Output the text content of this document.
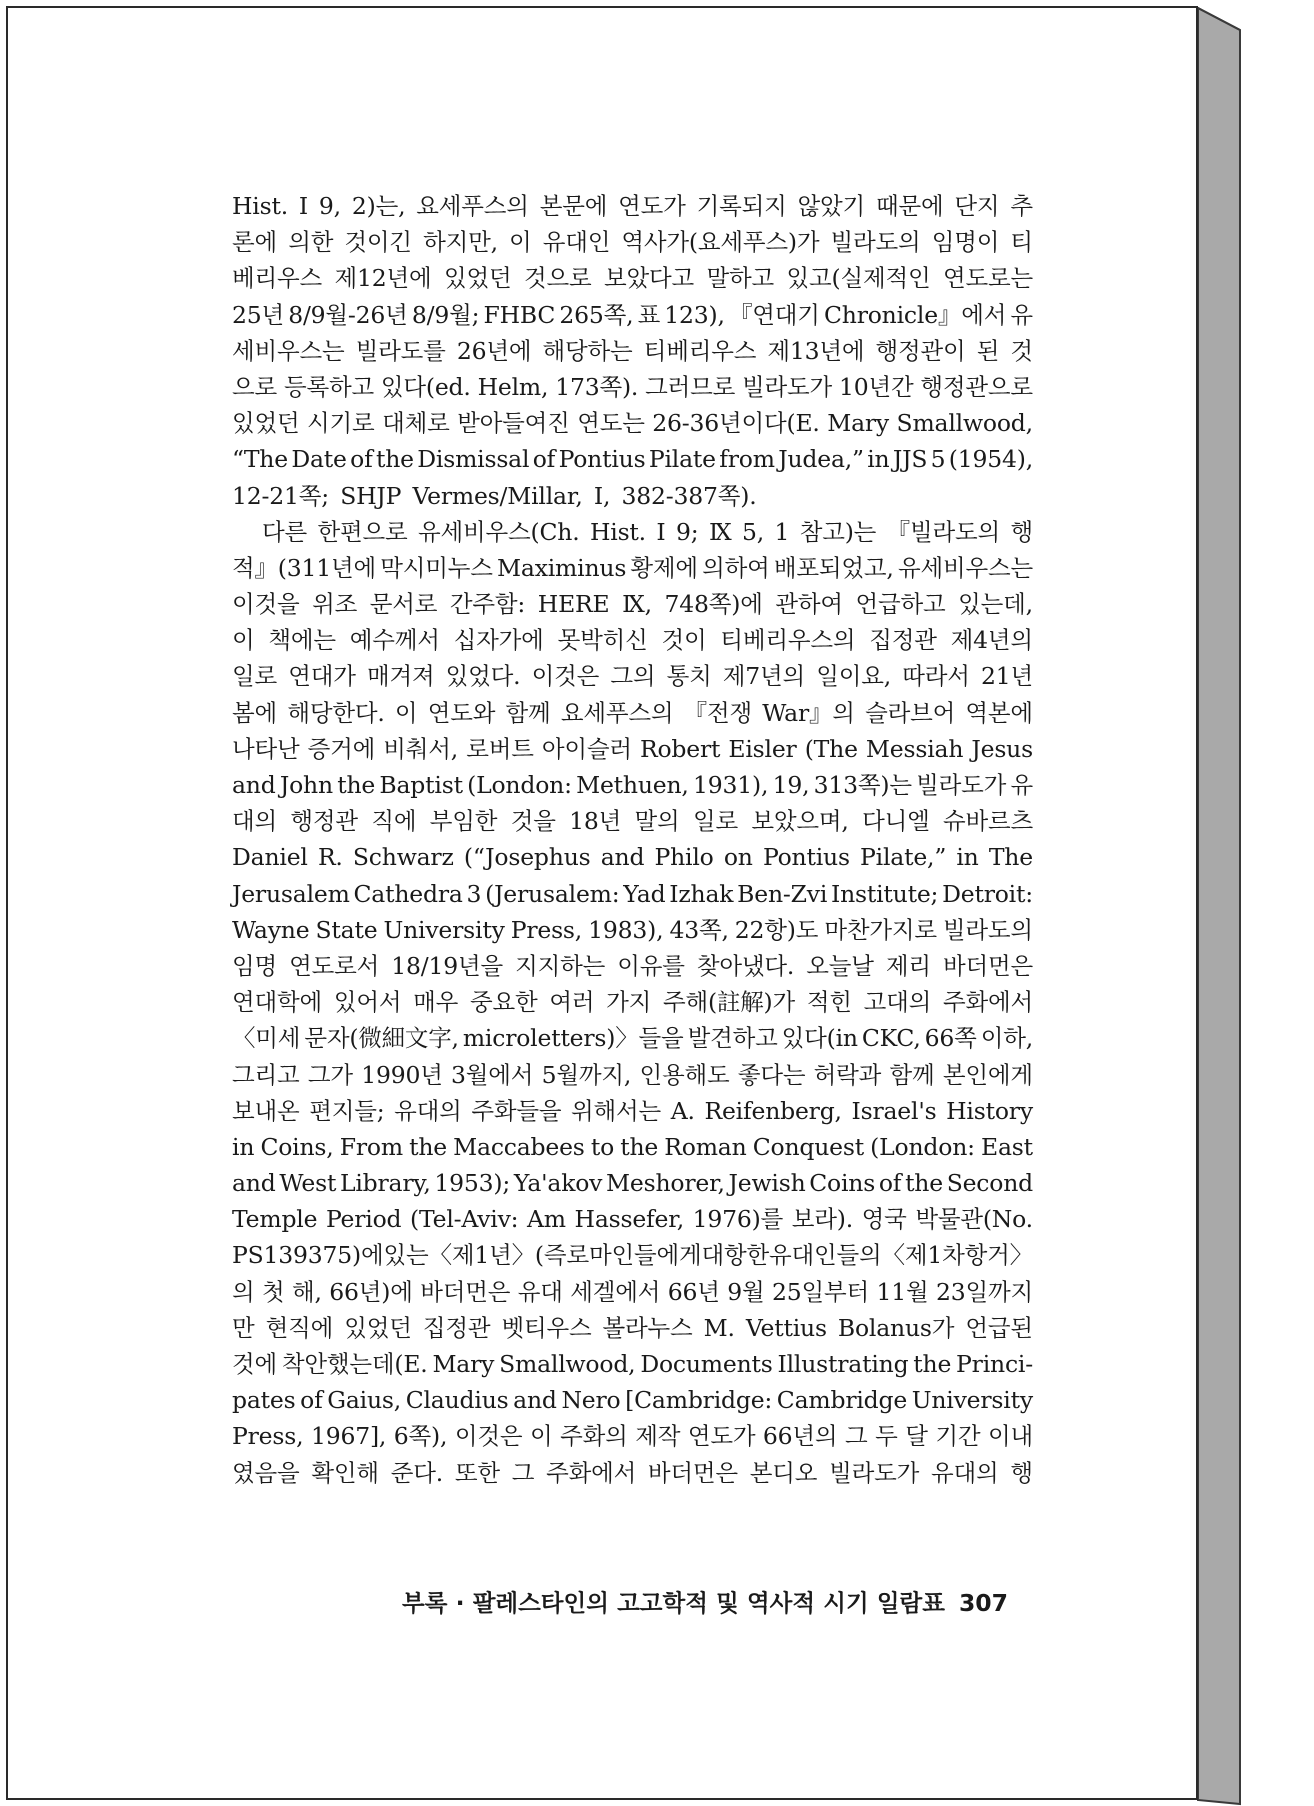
Hist. Ⅰ 9, 2)는, 요세푸스의 본문에 연도가 기록되지 않았기 때문에 단지 추
론에 의한 것이긴 하지만, 이 유대인 역사가(요세푸스)가 빌라도의 임명이 티
베리우스 제12년에 있었던 것으로 보았다고 말하고 있고(실제적인 연도로는
25년 8/9월-26년 8/9월; FHBC 265쪽, 표 123), 『연대기 Chronicle』에서 유
세비우스는 빌라도를 26년에 해당하는 티베리우스 제13년에 행정관이 된 것
으로 등록하고 있다(ed. Helm, 173쪽). 그러므로 빌라도가 10년간 행정관으로
있었던 시기로 대체로 받아들여진 연도는 26-36년이다(E. Mary Smallwood,
“The Date of the Dismissal of Pontius Pilate from Judea,” in JJS 5 (1954),
12-21쪽; SHJP Vermes/Millar, Ⅰ, 382-387쪽).
다른 한편으로 유세비우스(Ch. Hist. Ⅰ 9; Ⅸ 5, 1 참고)는 『빌라도의 행
적』(311년에 막시미누스 Maximinus 황제에 의하여 배포되었고, 유세비우스는
이것을 위조 문서로 간주함: HERE Ⅸ, 748쪽)에 관하여 언급하고 있는데,
이 책에는 예수께서 십자가에 못박히신 것이 티베리우스의 집정관 제4년의
일로 연대가 매겨져 있었다. 이것은 그의 통치 제7년의 일이요, 따라서 21년
봄에 해당한다. 이 연도와 함께 요세푸스의 『전쟁 War』의 슬라브어 역본에
나타난 증거에 비춰서, 로버트 아이슬러 Robert Eisler (The Messiah Jesus
and John the Baptist (London: Methuen, 1931), 19, 313쪽)는 빌라도가 유
대의 행정관 직에 부임한 것을 18년 말의 일로 보았으며, 다니엘 슈바르츠
Daniel R. Schwarz (“Josephus and Philo on Pontius Pilate,” in The
Jerusalem Cathedra 3 (Jerusalem: Yad Izhak Ben-Zvi Institute; Detroit:
Wayne State University Press, 1983), 43쪽, 22항)도 마찬가지로 빌라도의
임명 연도로서 18/19년을 지지하는 이유를 찾아냈다. 오늘날 제리 바더먼은
연대학에 있어서 매우 중요한 여러 가지 주해(註解)가 적힌 고대의 주화에서
〈미세 문자(微細文字, microletters)〉들을 발견하고 있다(in CKC, 66쪽 이하,
그리고 그가 1990년 3월에서 5월까지, 인용해도 좋다는 허락과 함께 본인에게
보내온 편지들; 유대의 주화들을 위해서는 A. Reifenberg, Israel's History
in Coins, From the Maccabees to the Roman Conquest (London: East
and West Library, 1953); Ya'akov Meshorer, Jewish Coins of the Second
Temple Period (Tel-Aviv: Am Hassefer, 1976)를 보라). 영국 박물관(No.
PS139375)에 있는 〈제1년〉(즉 로마인들에게 대항한 유대인들의 〈제1차 항거〉
의 첫 해, 66년)에 바더먼은 유대 세겔에서 66년 9월 25일부터 11월 23일까지
만 현직에 있었던 집정관 벳티우스 볼라누스 M. Vettius Bolanus가 언급된
것에 착안했는데(E. Mary Smallwood, Documents Illustrating the Princi-
pates of Gaius, Claudius and Nero [Cambridge: Cambridge University
Press, 1967], 6쪽), 이것은 이 주화의 제작 연도가 66년의 그 두 달 기간 이내
였음을 확인해 준다. 또한 그 주화에서 바더먼은 본디오 빌라도가 유대의 행
부록 · 팔레스타인의 고고학적 및 역사적 시기 일람표 307
